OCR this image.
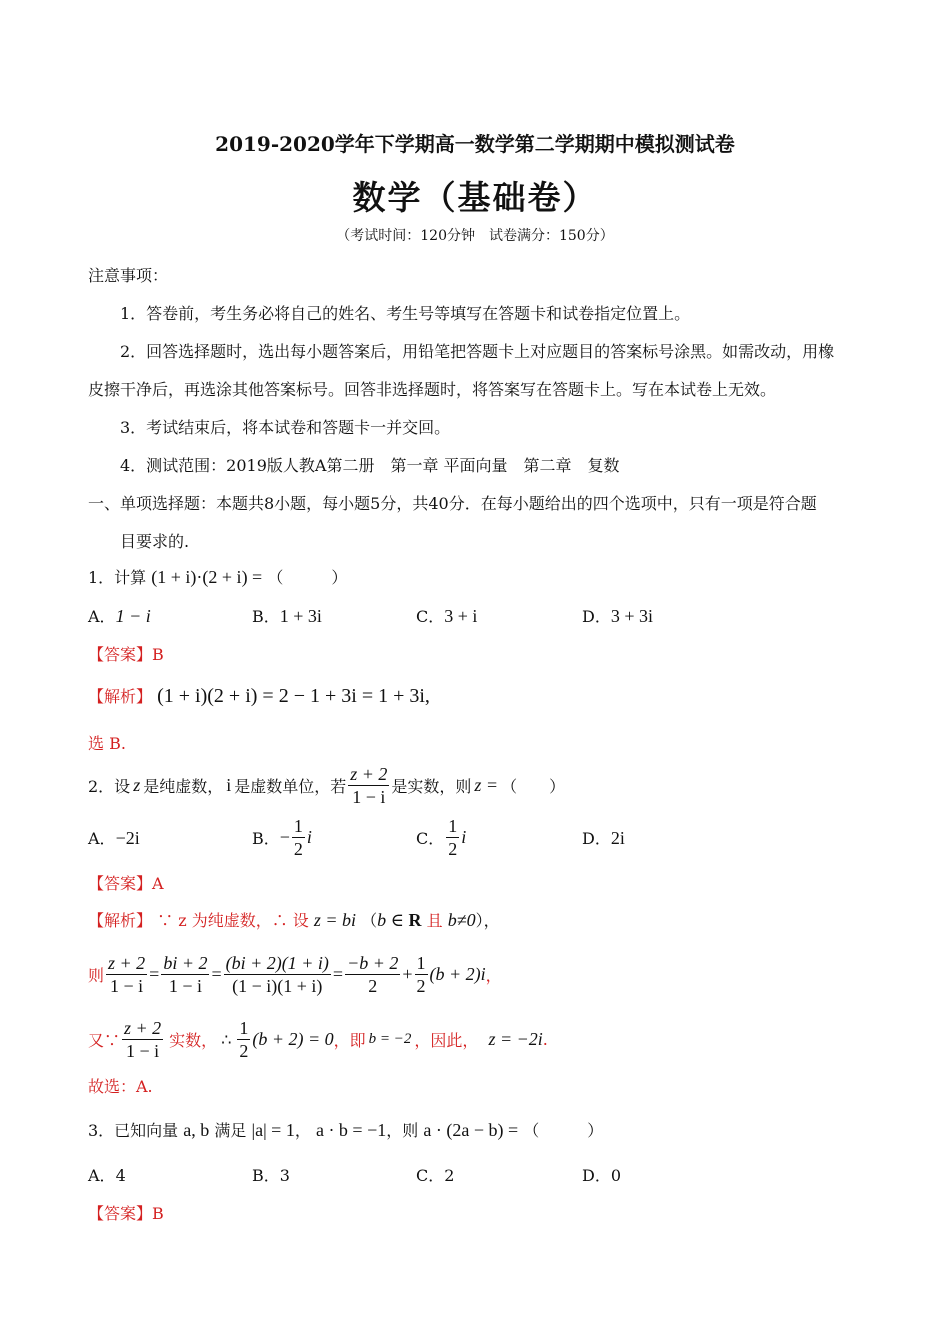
2019-2020学年下学期高一数学第二学期期中模拟测试卷
数学（基础卷）
（考试时间：120分钟　试卷满分：150分）
注意事项：
1．答卷前，考生务必将自己的姓名、考生号等填写在答题卡和试卷指定位置上。
2．回答选择题时，选出每小题答案后，用铅笔把答题卡上对应题目的答案标号涂黑。如需改动，用橡
皮擦干净后，再选涂其他答案标号。回答非选择题时，将答案写在答题卡上。写在本试卷上无效。
3．考试结束后，将本试卷和答题卡一并交回。
4．测试范围：2019版人教A第二册　第一章 平面向量　第二章　复数
一、单项选择题：本题共8小题，每小题5分，共40分．在每小题给出的四个选项中，只有一项是符合题
目要求的.
1．计算 (1 + i)·(2 + i) = （　　　）
A．1 − i	B．1 + 3i	C．3 + i	D．3 + 3i
【答案】B
【解析】 (1 + i)(2 + i) = 2 − 1 + 3i = 1 + 3i,
选 B.
2．设 z 是纯虚数， i 是虚数单位，若 $\frac{z + 2}{1 - i}$ 是实数，则 z = （　　）
A．−2i	B． − $\frac{1}{2}$ i	C． $\frac{1}{2}$ i	D．2i
【答案】A
【解析】 ∵ z 为纯虚数，∴ 设 z = bi （b ∈ R 且 b≠0），
则 $\frac{z + 2}{1 - i} = \frac{bi + 2}{1 - i} = \frac{(bi + 2)(1 + i)}{(1 - i)(1 + i)} = \frac{-b + 2}{2} + \frac{1}{2} (b + 2)i$ ，
又∵ $\frac{z + 2}{1 - i}$ 实数， ∴ $\frac{1}{2} (b + 2) = 0$ ，即 b = −2 ，因此， z = −2i .
故选：A.
3．已知向量 a, b 满足 |a| = 1， a · b = −1，则 a · (2a − b) = （　　　）
A．4	B．3	C．2	D．0
【答案】B
